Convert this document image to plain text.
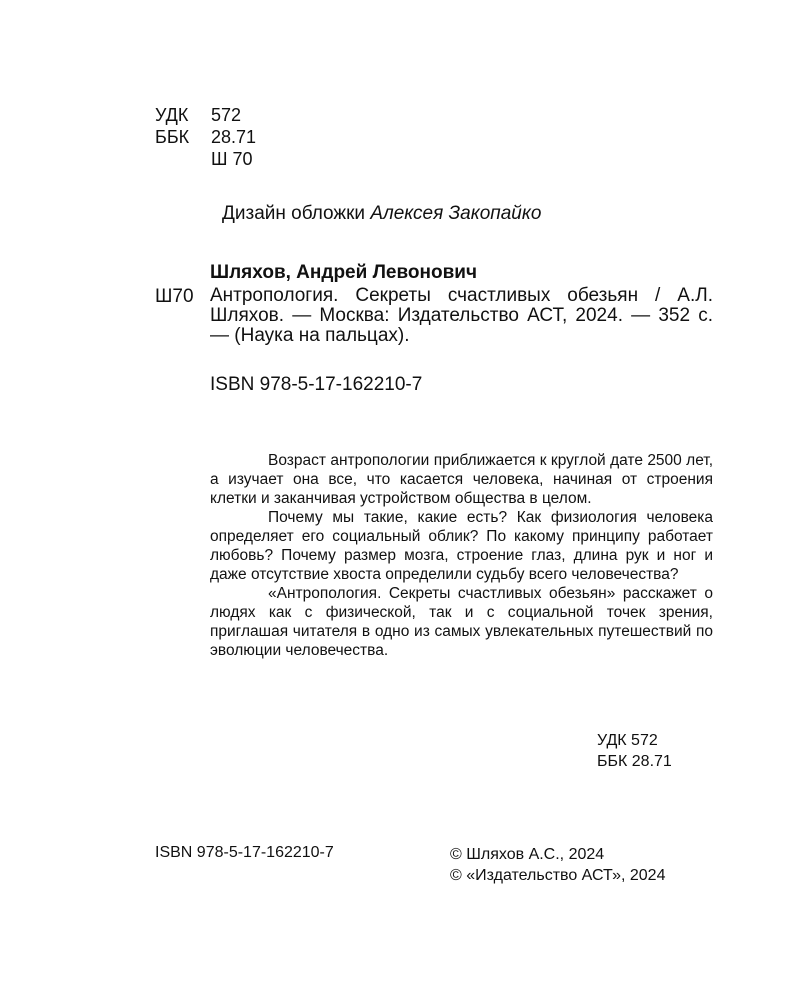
УДК	572
ББК	28.71
Ш 70
Дизайн обложки Алексея Закопайко
Шляхов, Андрей Левонович
Ш70 Антропология. Секреты счастливых обезьян / А.Л. Шляхов. — Москва: Издательство АСТ, 2024. — 352 с. — (Наука на пальцах).
ISBN 978-5-17-162210-7

Возраст антропологии приближается к круглой дате 2500 лет, а изучает она все, что касается человека, начиная от строения клетки и заканчивая устройством общества в целом.

Почему мы такие, какие есть? Как физиология человека определяет его социальный облик? По какому принципу работает любовь? Почему размер мозга, строение глаз, длина рук и ног и даже отсутствие хвоста определили судьбу всего человечества?

«Антропология. Секреты счастливых обезьян» расскажет о людях как с физической, так и с социальной точек зрения, приглашая читателя в одно из самых увлекательных путешествий по эволюции человечества.

УДК 572
ББК 28.71
ISBN 978-5-17-162210-7	© Шляхов А.С., 2024
© «Издательство АСТ», 2024
